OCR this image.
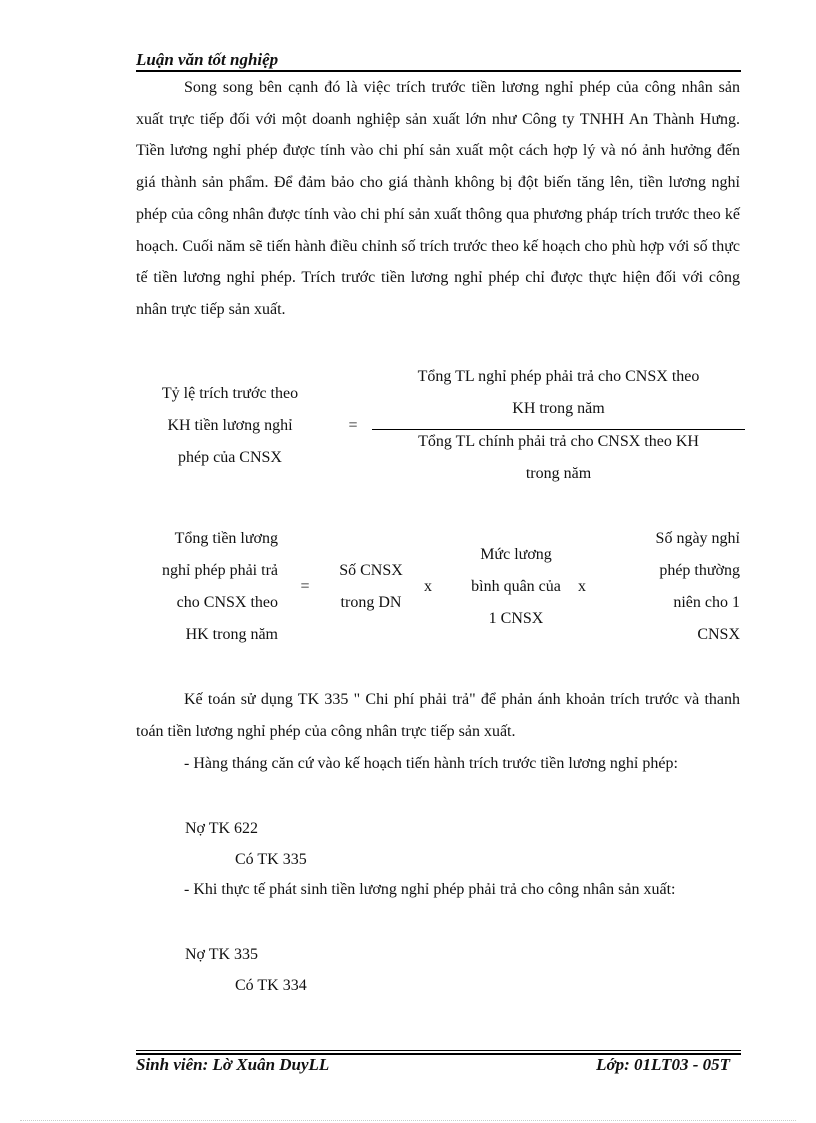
Luận văn tốt nghiệp

Song song bên cạnh đó là việc trích trước tiền lương nghỉ phép của công nhân sản xuất trực tiếp đối với một doanh nghiệp sản xuất lớn như Công ty TNHH An Thành Hưng. Tiền lương nghỉ phép được tính vào chi phí sản xuất một cách hợp lý và nó ảnh hưởng đến giá thành sản phẩm. Để đảm bảo cho giá thành không bị đột biến tăng lên, tiền lương nghỉ phép của công nhân được tính vào chi phí sản xuất thông qua phương pháp trích trước theo kế hoạch. Cuối năm sẽ tiến hành điều chỉnh số trích trước theo kế hoạch cho phù hợp với số thực tế tiền lương nghỉ phép. Trích trước tiền lương nghỉ phép chỉ được thực hiện đối với công nhân trực tiếp sản xuất.

Tỷ lệ trích trước theo
KH tiền lương nghỉ
phép của CNSX
=
Tổng TL nghỉ phép phải trả cho CNSX theo
KH trong năm
Tổng TL chính phải trả cho CNSX theo KH
trong năm
Tổng tiền lương
nghỉ phép phải trả
cho CNSX theo
HK trong năm
=
Số CNSX
trong DN
x
Mức lương
bình quân của
1 CNSX
x
Số ngày nghỉ
phép thường
niên cho 1
CNSX

Kế toán sử dụng TK 335 " Chi phí phải trả" để phản ánh khoản trích trước và thanh toán tiền lương nghỉ phép của công nhân trực tiếp sản xuất.

- Hàng tháng căn cứ vào kế hoạch tiến hành trích trước tiền lương nghỉ phép:

Nợ TK 622
Có TK 335

- Khi thực tế phát sinh tiền lương nghỉ phép phải trả cho công nhân sản xuất:

Nợ TK 335
Có TK 334
Sinh viên: Lờ Xuân DuyLL	Lớp: 01LT03 - 05T
